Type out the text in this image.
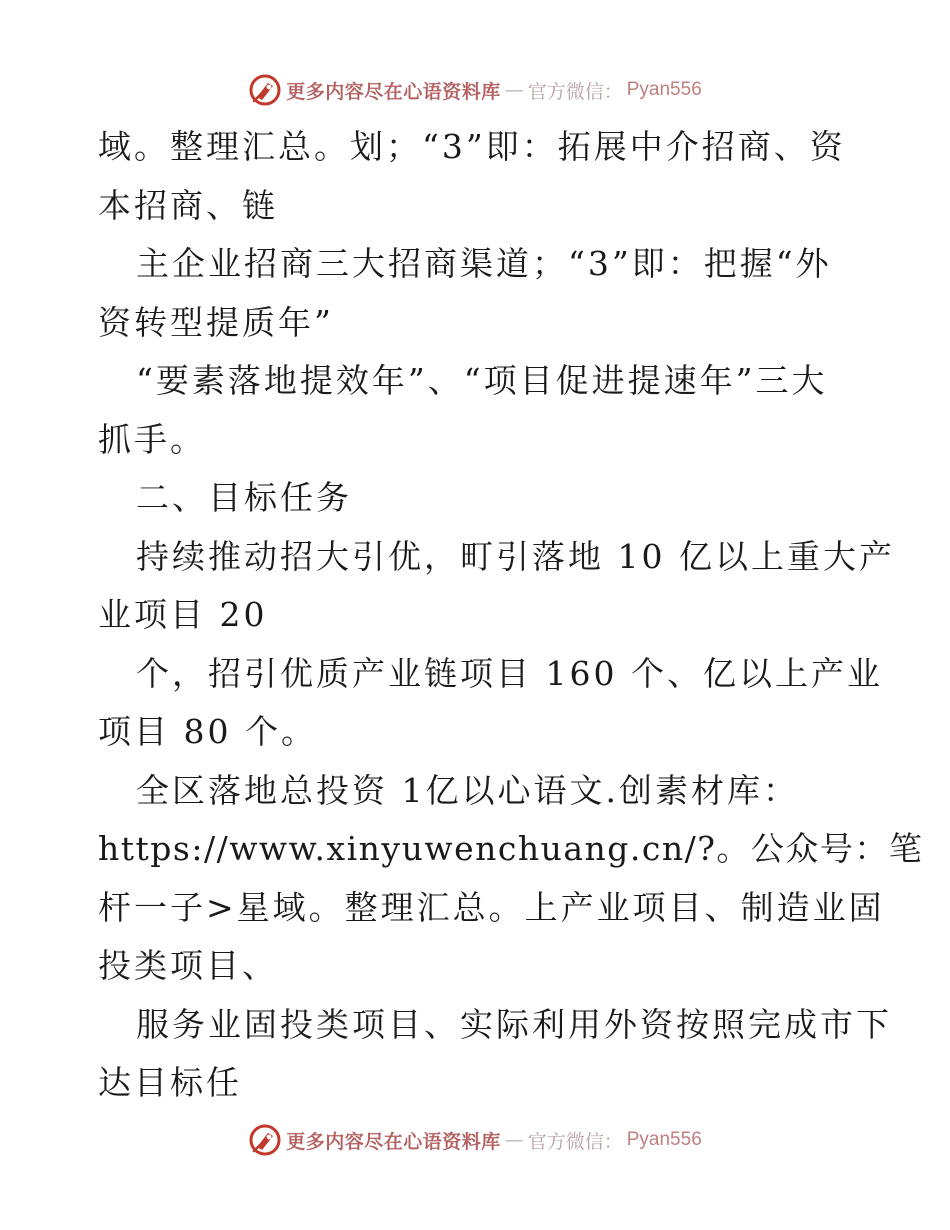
更多内容尽在心语资料库 — 官方微信： Pyan556
域。整理汇总。划；“3”即：拓展中介招商、资
本招商、链
主企业招商三大招商渠道；“3”即：把握“外
资转型提质年”
“要素落地提效年”、“项目促进提速年”三大
抓手。
二、目标任务
持续推动招大引优，町引落地 10 亿以上重大产
业项目 20
个，招引优质产业链项目 160 个、亿以上产业
项目 80 个。
全区落地总投资 1亿以心语文.创素材库：
https://www.xinyuwenchuang.cn/?。公众号：笔
杆一子>星域。整理汇总。上产业项目、制造业固
投类项目、
服务业固投类项目、实际利用外资按照完成市下
达目标任
更多内容尽在心语资料库 — 官方微信： Pyan556
